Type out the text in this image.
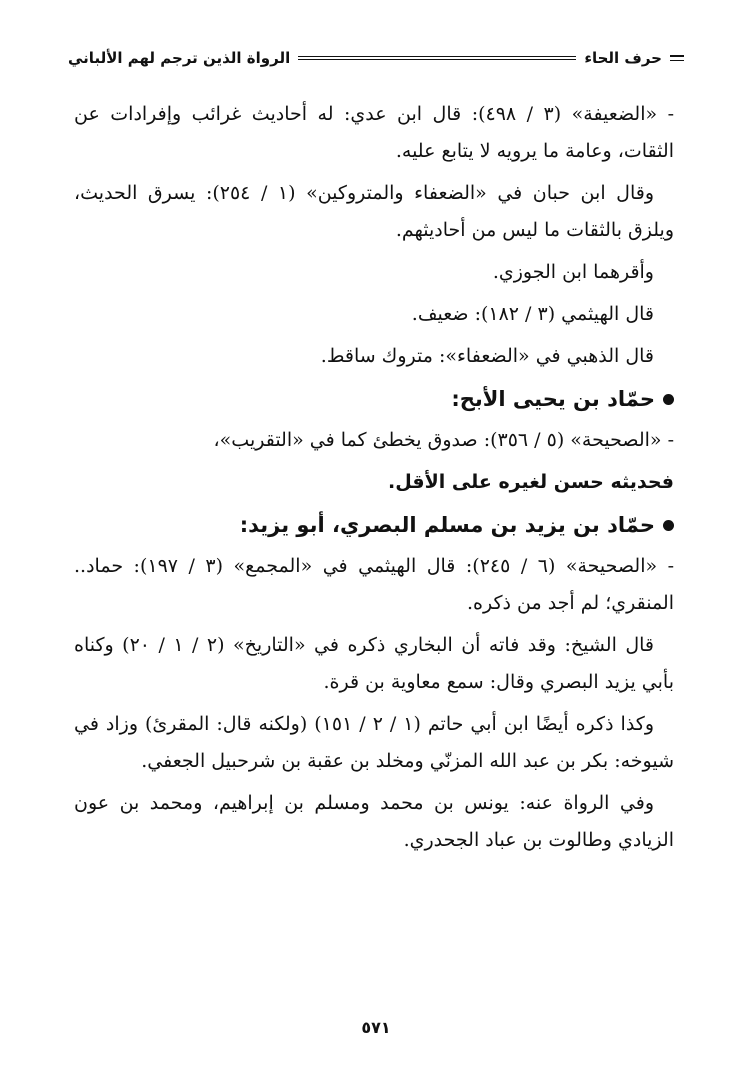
حرف الحاء
الرواة الذين ترجم لهم الألباني

- «الضعيفة» (٣ / ٤٩٨): قال ابن عدي: له أحاديث غرائب وإفرادات عن الثقات، وعامة ما يرويه لا يتابع عليه.

وقال ابن حبان في «الضعفاء والمتروكين» (١ / ٢٥٤): يسرق الحديث، ويلزق بالثقات ما ليس من أحاديثهم.

وأقرهما ابن الجوزي.

قال الهيثمي (٣ / ١٨٢): ضعيف.

قال الذهبي في «الضعفاء»: متروك ساقط.

حمّاد بن يحيى الأبح:

- «الصحيحة» (٥ / ٣٥٦): صدوق يخطئ كما في «التقريب»،

فحديثه حسن لغيره على الأقل.

حمّاد بن يزيد بن مسلم البصري، أبو يزيد:

- «الصحيحة» (٦ / ٢٤٥): قال الهيثمي في «المجمع» (٣ / ١٩٧): حماد.. المنقري؛ لم أجد من ذكره.

قال الشيخ: وقد فاته أن البخاري ذكره في «التاريخ» (٢ / ١ / ٢٠) وكناه بأبي يزيد البصري وقال: سمع معاوية بن قرة.

وكذا ذكره أيضًا ابن أبي حاتم (١ / ٢ / ١٥١) (ولكنه قال: المقرئ) وزاد في شيوخه: بكر بن عبد الله المزنّي ومخلد بن عقبة بن شرحبيل الجعفي.

وفي الرواة عنه: يونس بن محمد ومسلم بن إبراهيم، ومحمد بن عون الزيادي وطالوت بن عباد الجحدري.

٥٧١
